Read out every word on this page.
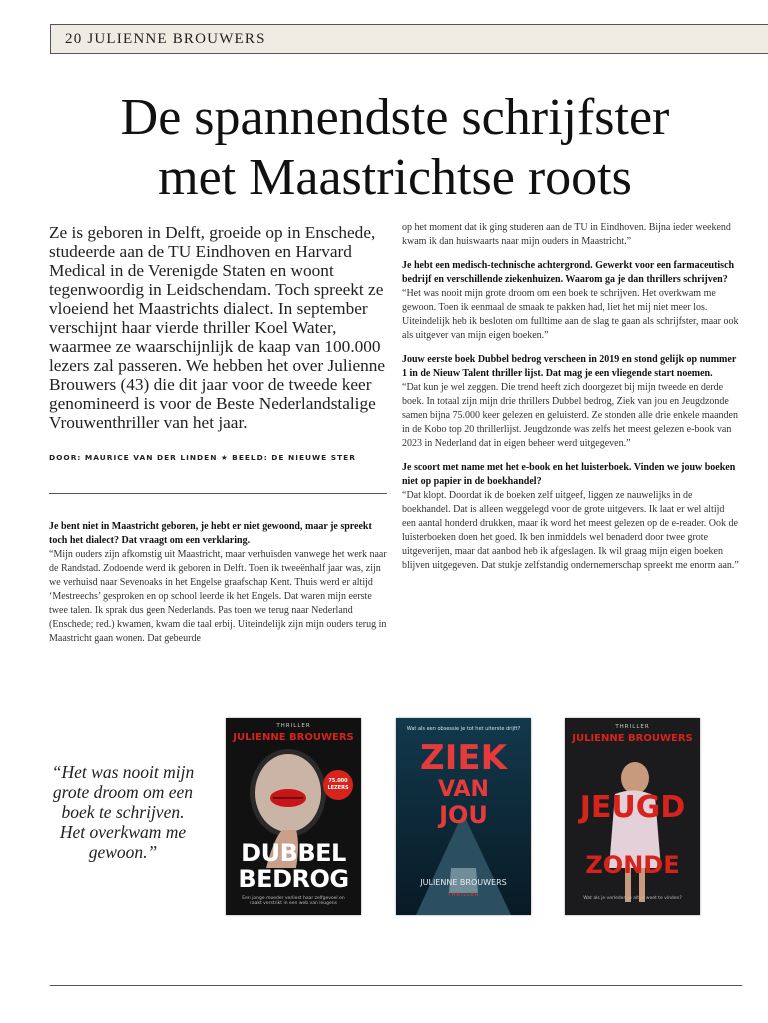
20 JULIENNE BROUWERS
De spannendste schrijfster
met Maastrichtse roots

Ze is geboren in Delft, groeide op in Enschede, studeerde aan de TU Eindhoven en Harvard Medical in de Verenigde Staten en woont tegenwoordig in Leidschendam. Toch spreekt ze vloeiend het Maastrichts dialect. In september verschijnt haar vierde thriller Koel Water, waarmee ze waarschijnlijk de kaap van 100.000 lezers zal passeren. We hebben het over Julienne Brouwers (43) die dit jaar voor de tweede keer genomineerd is voor de Beste Nederlandstalige Vrouwenthriller van het jaar.

DOOR: MAURICE VAN DER LINDEN ★ BEELD: DE NIEUWE STER

Je bent niet in Maastricht geboren, je hebt er niet gewoond, maar je spreekt toch het dialect? Dat vraagt om een verklaring.

“Mijn ouders zijn afkomstig uit Maastricht, maar verhuisden vanwege het werk naar de Randstad. Zodoende werd ik geboren in Delft. Toen ik tweeënhalf jaar was, zijn we verhuisd naar Sevenoaks in het Engelse graafschap Kent. Thuis werd er altijd ‘Mestreechs’ gesproken en op school leerde ik het Engels. Dat waren mijn eerste twee talen. Ik sprak dus geen Nederlands. Pas toen we terug naar Nederland (Enschede; red.) kwamen, kwam die taal erbij. Uiteindelijk zijn mijn ouders terug in Maastricht gaan wonen. Dat gebeurde

op het moment dat ik ging studeren aan de TU in Eindhoven. Bijna ieder weekend kwam ik dan huiswaarts naar mijn ouders in Maastricht.”

Je hebt een medisch-technische achtergrond. Gewerkt voor een farmaceutisch bedrijf en verschillende ziekenhuizen. Waarom ga je dan thrillers schrijven?

“Het was nooit mijn grote droom om een boek te schrijven. Het overkwam me gewoon. Toen ik eenmaal de smaak te pakken had, liet het mij niet meer los. Uiteindelijk heb ik besloten om fulltime aan de slag te gaan als schrijfster, maar ook als uitgever van mijn eigen boeken.”

Jouw eerste boek Dubbel bedrog verscheen in 2019 en stond gelijk op nummer 1 in de Nieuw Talent thriller lijst. Dat mag je een vliegende start noemen.

“Dat kun je wel zeggen. Die trend heeft zich doorgezet bij mijn tweede en derde boek. In totaal zijn mijn drie thrillers Dubbel bedrog, Ziek van jou en Jeugdzonde samen bijna 75.000 keer gelezen en geluisterd. Ze stonden alle drie enkele maanden in de Kobo top 20 thrillerlijst. Jeugdzonde was zelfs het meest gelezen e-book van 2023 in Nederland dat in eigen beheer werd uitgegeven.”

Je scoort met name met het e-book en het luisterboek. Vinden we jouw boeken niet op papier in de boekhandel?

“Dat klopt. Doordat ik de boeken zelf uitgeef, liggen ze nauwelijks in de boekhandel. Dat is alleen weggelegd voor de grote uitgevers. Ik laat er wel altijd een aantal honderd drukken, maar ik word het meest gelezen op de e-reader. Ook de luisterboeken doen het goed. Ik ben inmiddels wel benaderd door twee grote uitgeverijen, maar dat aanbod heb ik afgeslagen. Ik wil graag mijn eigen boeken blijven uitgegeven. Dat stukje zelfstandig ondernemerschap spreekt me enorm aan.”

“Het was nooit mijn grote droom om een boek te schrijven. Het overkwam me gewoon.”

THRILLER
JULIENNE BROUWERS
75.000 LEZERS
DUBBEL
BEDROG
Een jonge moeder verliest haar zelfgevoel en raakt verstrikt in een web van leugens
Wat als een obsessie je tot het uiterste drijft?
ZIEK
VAN
JOU
JULIENNE BROUWERS
THRILLER
THRILLER
JULIENNE BROUWERS
JEUGD
ZONDE
Wat als je verleden je altijd weet te vinden?
